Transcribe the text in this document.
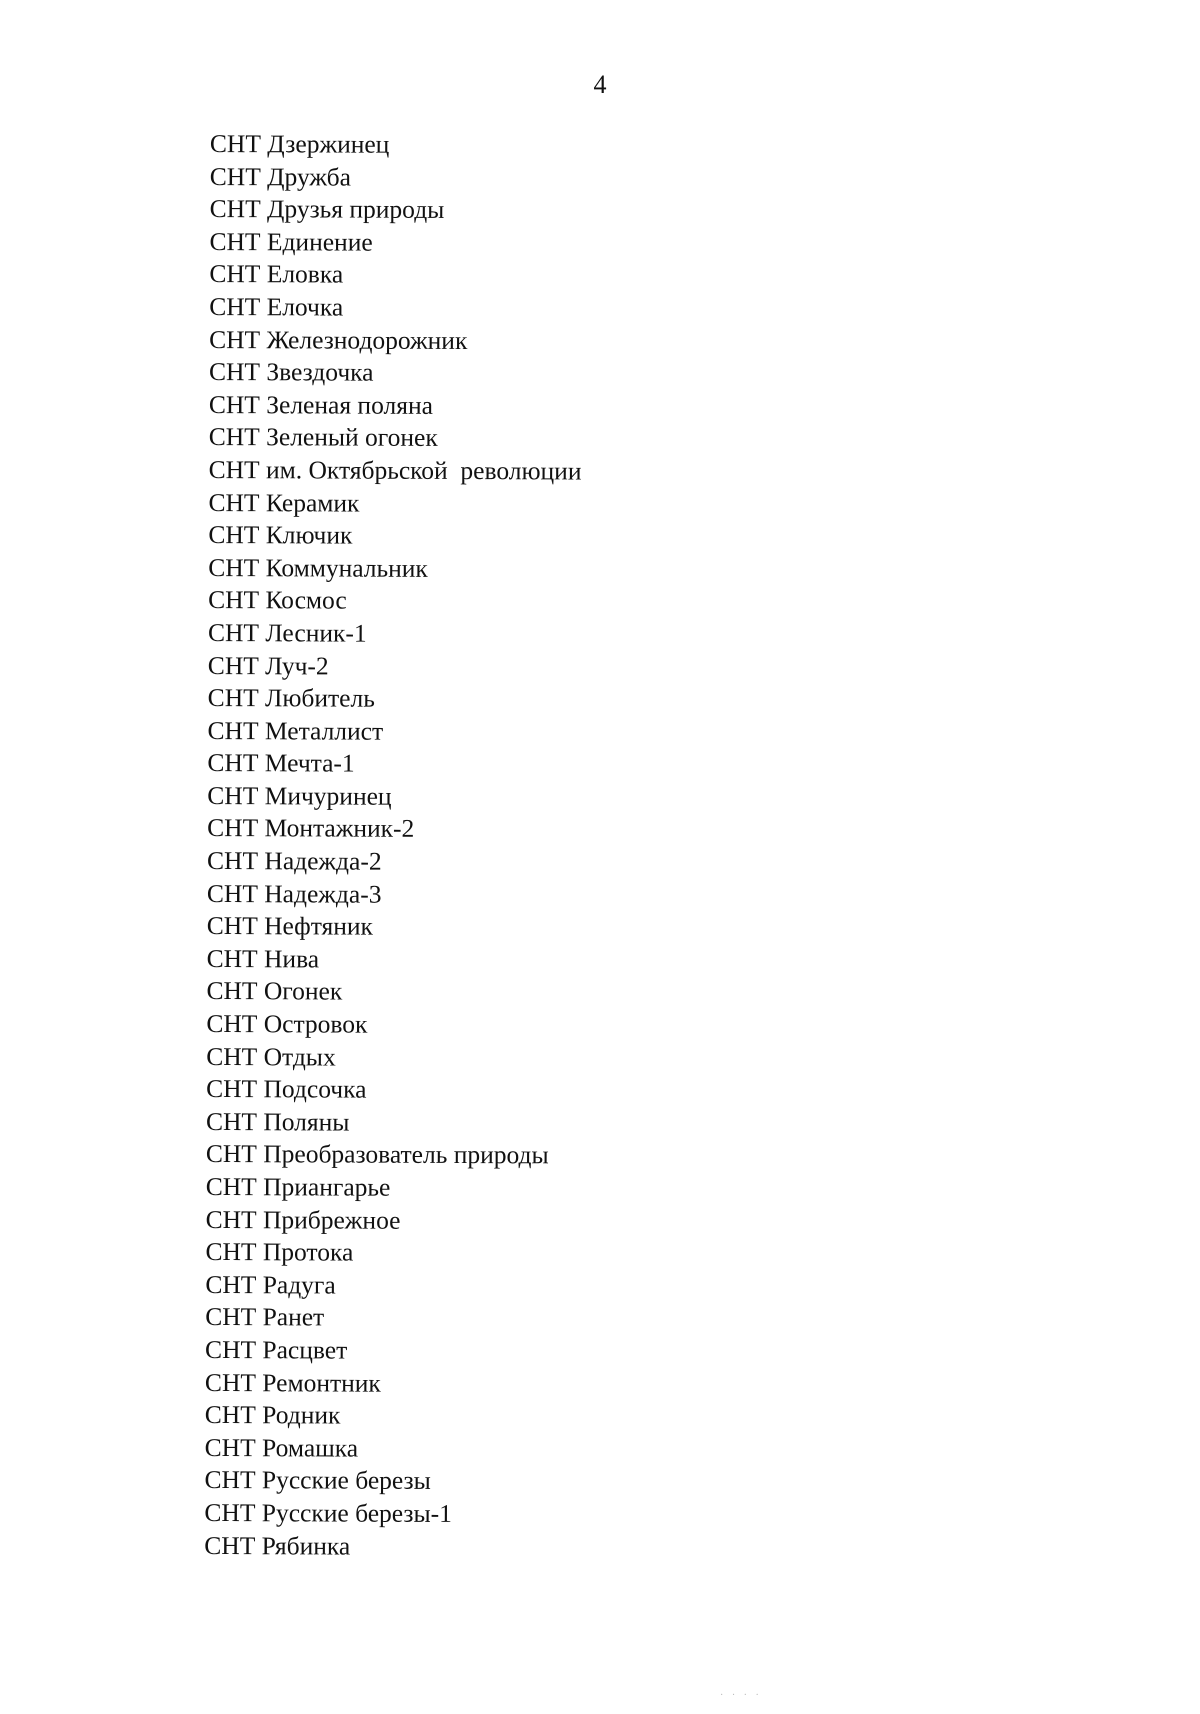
4
СНТ Дзержинец
СНТ Дружба
СНТ Друзья природы
СНТ Единение
СНТ Еловка
СНТ Елочка
СНТ Железнодорожник
СНТ Звездочка
СНТ Зеленая поляна
СНТ Зеленый огонек
СНТ им. Октябрьской  революции
СНТ Керамик
СНТ Ключик
СНТ Коммунальник
СНТ Космос
СНТ Лесник-1
СНТ Луч-2
СНТ Любитель
СНТ Металлист
СНТ Мечта-1
СНТ Мичуринец
СНТ Монтажник-2
СНТ Надежда-2
СНТ Надежда-3
СНТ Нефтяник
СНТ Нива
СНТ Огонек
СНТ Островок
СНТ Отдых
СНТ Подсочка
СНТ Поляны
СНТ Преобразователь природы
СНТ Приангарье
СНТ Прибрежное
СНТ Протока
СНТ Радуга
СНТ Ранет
СНТ Расцвет
СНТ Ремонтник
СНТ Родник
СНТ Ромашка
СНТ Русские березы
СНТ Русские березы-1
СНТ Рябинка
· · · ·
